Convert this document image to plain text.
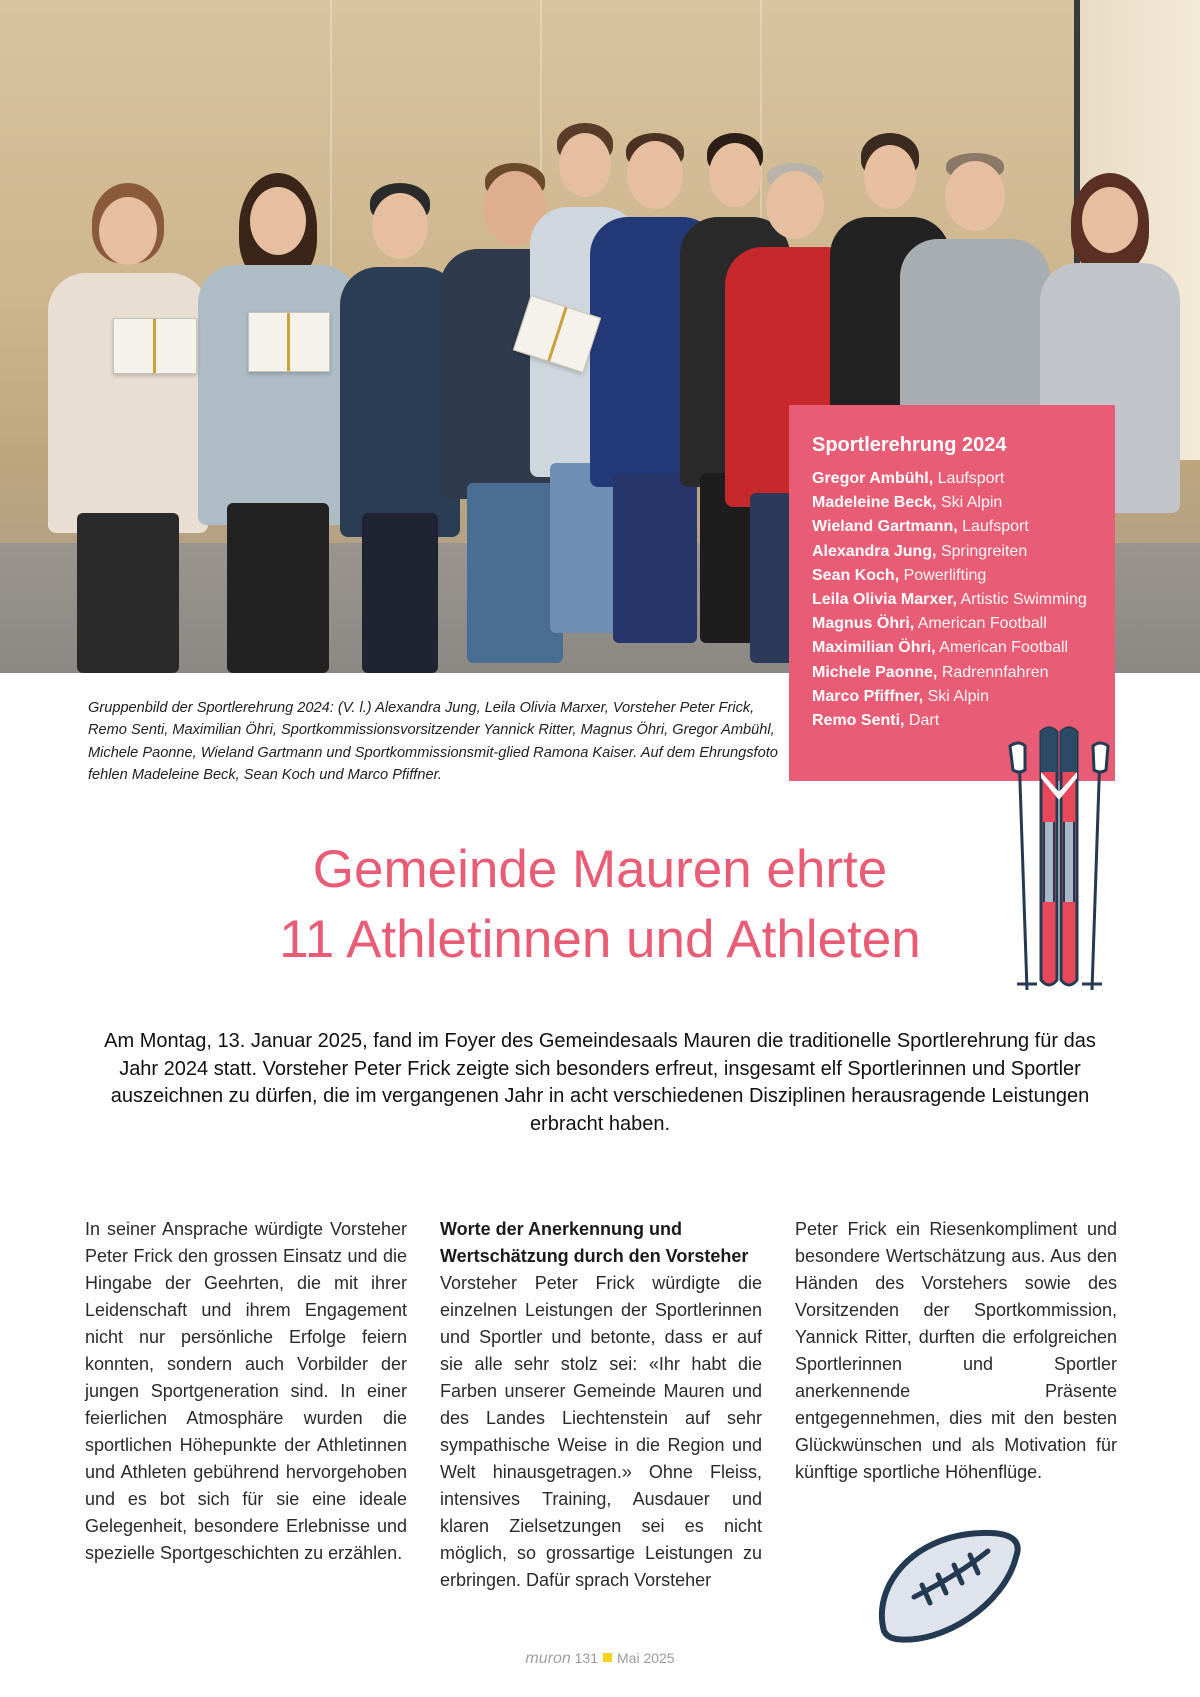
Gruppenbild der Sportlerehrung 2024: (V. l.) Alexandra Jung, Leila Olivia Marxer, Vorsteher Peter Frick, Remo Senti, Maximilian Öhri, Sportkommissionsvorsitzender Yannick Ritter, Magnus Öhri, Gregor Ambühl, Michele Paonne, Wieland Gartmann und Sportkommissionsmit-glied Ramona Kaiser. Auf dem Ehrungsfoto fehlen Madeleine Beck, Sean Koch und Marco Pfiffner.

Sportlerehrung 2024
Gregor Ambühl, Laufsport
Madeleine Beck, Ski Alpin
Wieland Gartmann, Laufsport
Alexandra Jung, Springreiten
Sean Koch, Powerlifting
Leila Olivia Marxer, Artistic Swimming
Magnus Öhri, American Football
Maximilian Öhri, American Football
Michele Paonne, Radrennfahren
Marco Pfiffner, Ski Alpin
Remo Senti, Dart
Gemeinde Mauren ehrte
11 Athletinnen und Athleten

Am Montag, 13. Januar 2025, fand im Foyer des Gemeindesaals Mauren die traditionelle Sportlerehrung für das Jahr 2024 statt. Vorsteher Peter Frick zeigte sich besonders erfreut, insgesamt elf Sportlerinnen und Sportler auszeichnen zu dürfen, die im vergangenen Jahr in acht verschiedenen Disziplinen herausragende Leistungen erbracht haben.

In seiner Ansprache würdigte Vorsteher Peter Frick den grossen Einsatz und die Hingabe der Geehrten, die mit ihrer Leidenschaft und ihrem Engagement nicht nur persönliche Erfolge feiern konnten, sondern auch Vorbilder der jungen Sportgeneration sind. In einer feierlichen Atmosphäre wurden die sportlichen Höhepunkte der Athletinnen und Athleten gebührend hervorgehoben und es bot sich für sie eine ideale Gelegenheit, besondere Erlebnisse und spezielle Sportgeschichten zu erzählen.

Worte der Anerkennung und Wertschätzung durch den Vorsteher
Vorsteher Peter Frick würdigte die einzelnen Leistungen der Sportlerinnen und Sportler und betonte, dass er auf sie alle sehr stolz sei: «Ihr habt die Farben unserer Gemeinde Mauren und des Landes Liechtenstein auf sehr sympathische Weise in die Region und Welt hinausgetragen.» Ohne Fleiss, intensives Training, Ausdauer und klaren Zielsetzungen sei es nicht möglich, so grossartige Leistungen zu erbringen. Dafür sprach Vorsteher

Peter Frick ein Riesenkompliment und besondere Wertschätzung aus. Aus den Händen des Vorstehers sowie des Vorsitzenden der Sportkommission, Yannick Ritter, durften die erfolgreichen Sportlerinnen und Sportler anerkennende Präsente entgegennehmen, dies mit den besten Glückwünschen und als Motivation für künftige sportliche Höhenflüge.

muron 131 Mai 2025
